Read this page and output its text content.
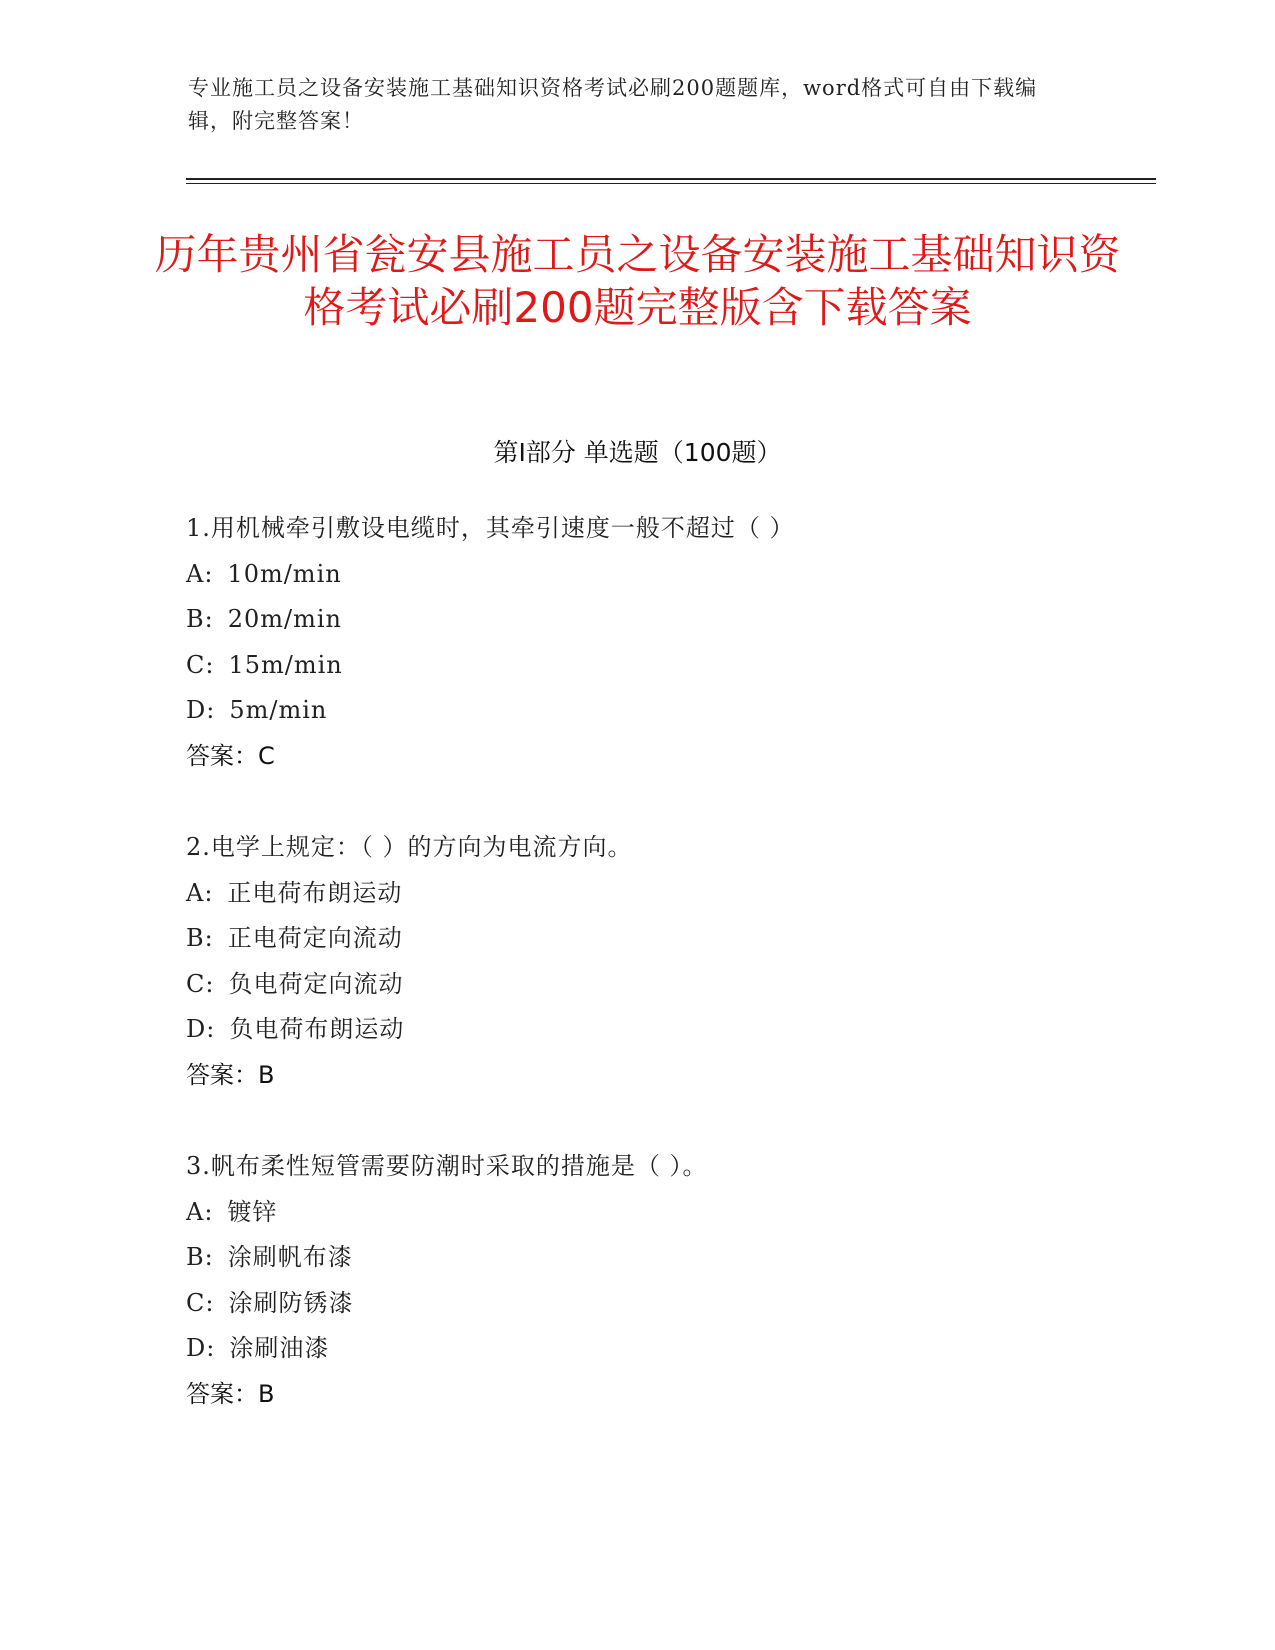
专业施工员之设备安装施工基础知识资格考试必刷200题题库，word格式可自由下载编辑，附完整答案！
历年贵州省瓮安县施工员之设备安装施工基础知识资格考试必刷200题完整版含下载答案
第I部分 单选题（100题）
1.用机械牵引敷设电缆时，其牵引速度一般不超过（ ）
A: 10m/min
B: 20m/min
C: 15m/min
D: 5m/min
答案：C
2.电学上规定：（ ）的方向为电流方向。
A: 正电荷布朗运动
B: 正电荷定向流动
C: 负电荷定向流动
D: 负电荷布朗运动
答案：B
3.帆布柔性短管需要防潮时采取的措施是（ ）。
A: 镀锌
B: 涂刷帆布漆
C: 涂刷防锈漆
D: 涂刷油漆
答案：B
